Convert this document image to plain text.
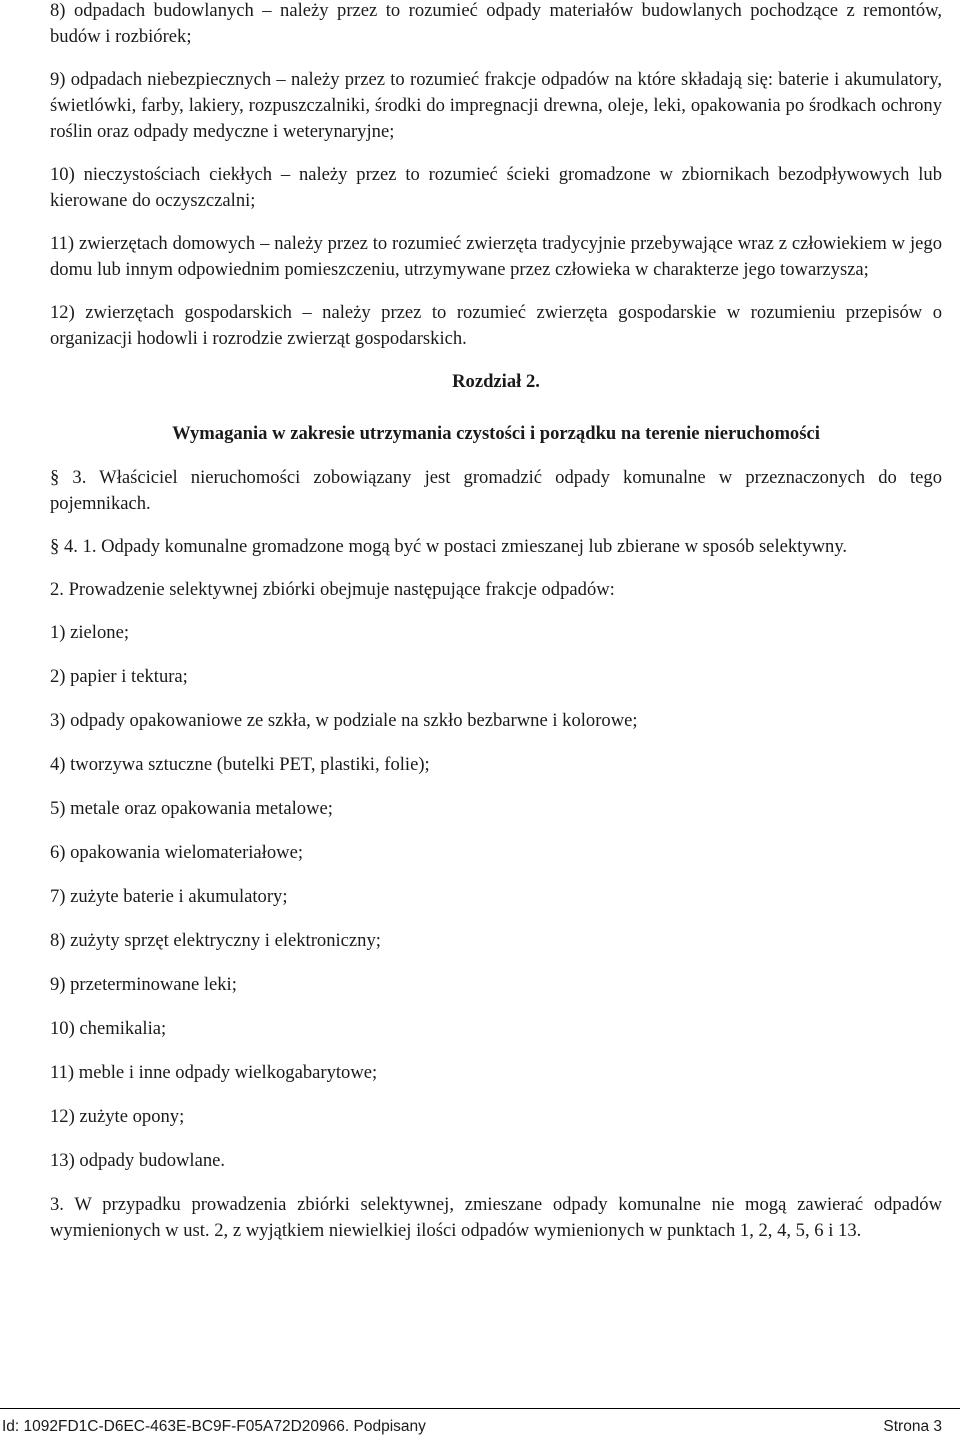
8) odpadach budowlanych – należy przez to rozumieć odpady materiałów budowlanych pochodzące z remontów, budów i rozbiórek;

9) odpadach niebezpiecznych – należy przez to rozumieć frakcje odpadów na które składają się: baterie i akumulatory, świetlówki, farby, lakiery, rozpuszczalniki, środki do impregnacji drewna, oleje, leki, opakowania po środkach ochrony roślin oraz odpady medyczne i weterynaryjne;

10) nieczystościach ciekłych – należy przez to rozumieć ścieki gromadzone w zbiornikach bezodpływowych lub kierowane do oczyszczalni;

11) zwierzętach domowych – należy przez to rozumieć zwierzęta tradycyjnie przebywające wraz z człowiekiem w jego domu lub innym odpowiednim pomieszczeniu, utrzymywane przez człowieka w charakterze jego towarzysza;

12) zwierzętach gospodarskich – należy przez to rozumieć zwierzęta gospodarskie w rozumieniu przepisów o organizacji hodowli i rozrodzie zwierząt gospodarskich.

Rozdział 2.
Wymagania w zakresie utrzymania czystości i porządku na terenie nieruchomości

§ 3. Właściciel nieruchomości zobowiązany jest gromadzić odpady komunalne w przeznaczonych do tego pojemnikach.

§ 4. 1. Odpady komunalne gromadzone mogą być w postaci zmieszanej lub zbierane w sposób selektywny.

2. Prowadzenie selektywnej zbiórki obejmuje następujące frakcje odpadów:

1) zielone;
2) papier i tektura;
3) odpady opakowaniowe ze szkła, w podziale na szkło bezbarwne i kolorowe;
4) tworzywa sztuczne (butelki PET, plastiki, folie);
5) metale oraz opakowania metalowe;
6) opakowania wielomateriałowe;
7) zużyte baterie i akumulatory;
8) zużyty sprzęt elektryczny i elektroniczny;
9) przeterminowane leki;
10) chemikalia;
11) meble i inne odpady wielkogabarytowe;
12) zużyte opony;
13) odpady budowlane.

3. W przypadku prowadzenia zbiórki selektywnej, zmieszane odpady komunalne nie mogą zawierać odpadów wymienionych w ust. 2, z wyjątkiem niewielkiej ilości odpadów wymienionych w punktach 1, 2, 4, 5, 6 i 13.

Id: 1092FD1C-D6EC-463E-BC9F-F05A72D20966. Podpisany	Strona 3
